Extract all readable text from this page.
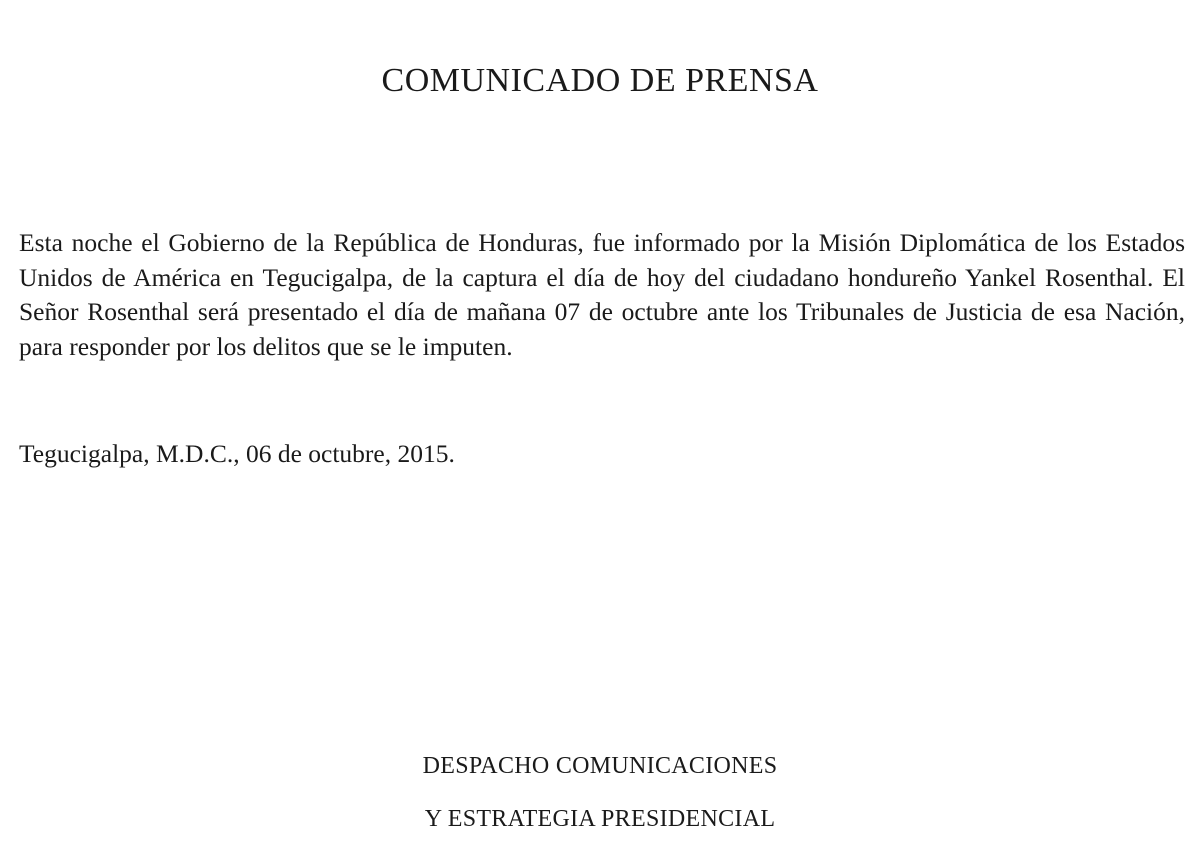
COMUNICADO DE PRENSA

Esta noche el Gobierno de la República de Honduras, fue informado por la Misión Diplomática de los Estados Unidos de América en Tegucigalpa, de la captura el día de hoy del ciudadano hondureño Yankel Rosenthal. El Señor Rosenthal será presentado el día de mañana 07 de octubre ante los Tribunales de Justicia de esa Nación, para responder por los delitos que se le imputen.

Tegucigalpa, M.D.C., 06 de octubre, 2015.

DESPACHO COMUNICACIONES

Y ESTRATEGIA PRESIDENCIAL
